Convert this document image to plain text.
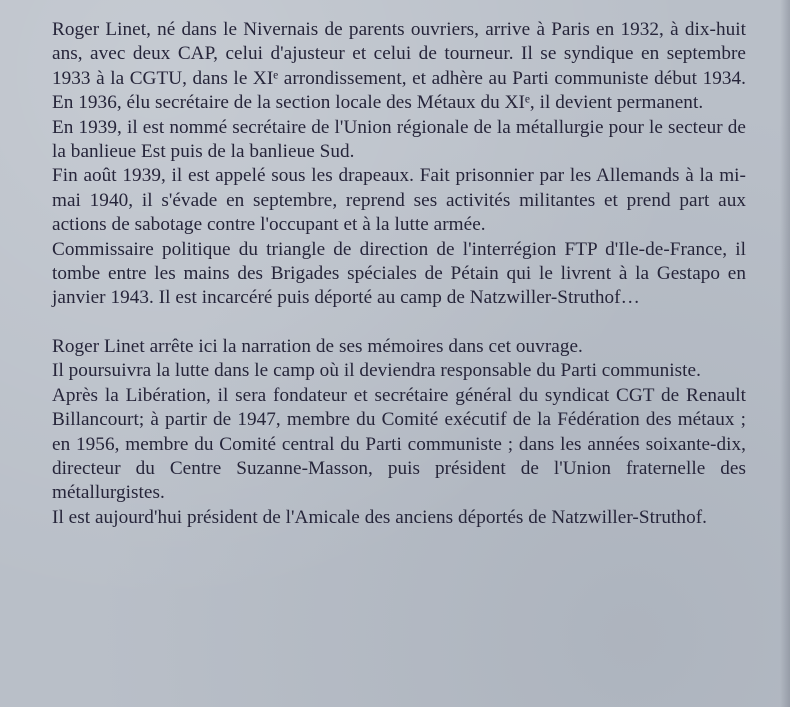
Roger Linet, né dans le Nivernais de parents ouvriers, arrive à Paris en 1932, à dix-huit ans, avec deux CAP, celui d'ajusteur et celui de tourneur. Il se syndique en septembre 1933 à la CGTU, dans le XIᵉ arrondissement, et adhère au Parti communiste début 1934. En 1936, élu secrétaire de la section locale des Métaux du XIᵉ, il devient permanent.

En 1939, il est nommé secrétaire de l'Union régionale de la métallurgie pour le secteur de la banlieue Est puis de la banlieue Sud.

Fin août 1939, il est appelé sous les drapeaux. Fait prisonnier par les Allemands à la mi-mai 1940, il s'évade en septembre, reprend ses activités militantes et prend part aux actions de sabotage contre l'occupant et à la lutte armée.

Commissaire politique du triangle de direction de l'interrégion FTP d'Ile-de-France, il tombe entre les mains des Brigades spéciales de Pétain qui le livrent à la Gestapo en janvier 1943. Il est incarcéré puis déporté au camp de Natzwiller-Struthof…

Roger Linet arrête ici la narration de ses mémoires dans cet ouvrage.

Il poursuivra la lutte dans le camp où il deviendra responsable du Parti communiste.

Après la Libération, il sera fondateur et secrétaire général du syndicat CGT de Renault Billancourt; à partir de 1947, membre du Comité exécutif de la Fédération des métaux ; en 1956, membre du Comité central du Parti communiste ; dans les années soixante-dix, directeur du Centre Suzanne-Masson, puis président de l'Union fraternelle des métallurgistes.

Il est aujourd'hui président de l'Amicale des anciens déportés de Natzwiller-Struthof.
